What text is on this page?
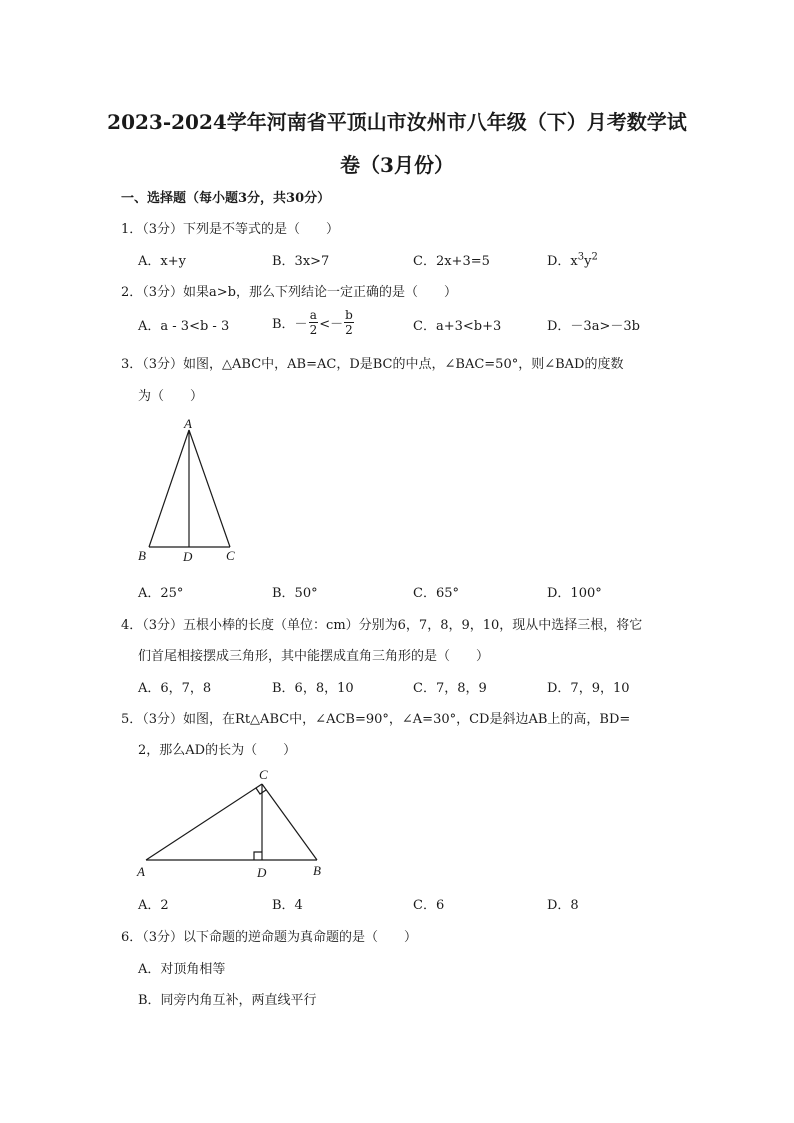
2023-2024学年河南省平顶山市汝州市八年级（下）月考数学试
卷（3月份）
一、选择题（每小题3分，共30分）
1．（3分）下列是不等式的是（　　）
A．x+y	B．3x>7	C．2x+3=5	D．$x^3y^2$
2．（3分）如果a>b，那么下列结论一定正确的是（　　）
A．a - 3<b - 3	B．－ $\frac{a}{2} <- \frac{b}{2}$	C．a+3<b+3	D．－3a>－3b
3．（3分）如图，△ABC中，AB=AC，D是BC的中点，∠BAC=50°，则∠BAD的度数
为（　　）
A
B	D	C
A．25°	B．50°	C．65°	D．100°
4．（3分）五根小棒的长度（单位：cm）分别为6，7，8，9，10，现从中选择三根，将它
们首尾相接摆成三角形，其中能摆成直角三角形的是（　　）
A．6，7，8	B．6，8，10	C．7，8，9	D．7，9，10
5．（3分）如图，在Rt△ABC中，∠ACB=90°，∠A=30°，CD是斜边AB上的高，BD=
2，那么AD的长为（　　）
C
A	D	B
A．2	B．4	C．6	D．8
6．（3分）以下命题的逆命题为真命题的是（　　）
A．对顶角相等
B．同旁内角互补，两直线平行
